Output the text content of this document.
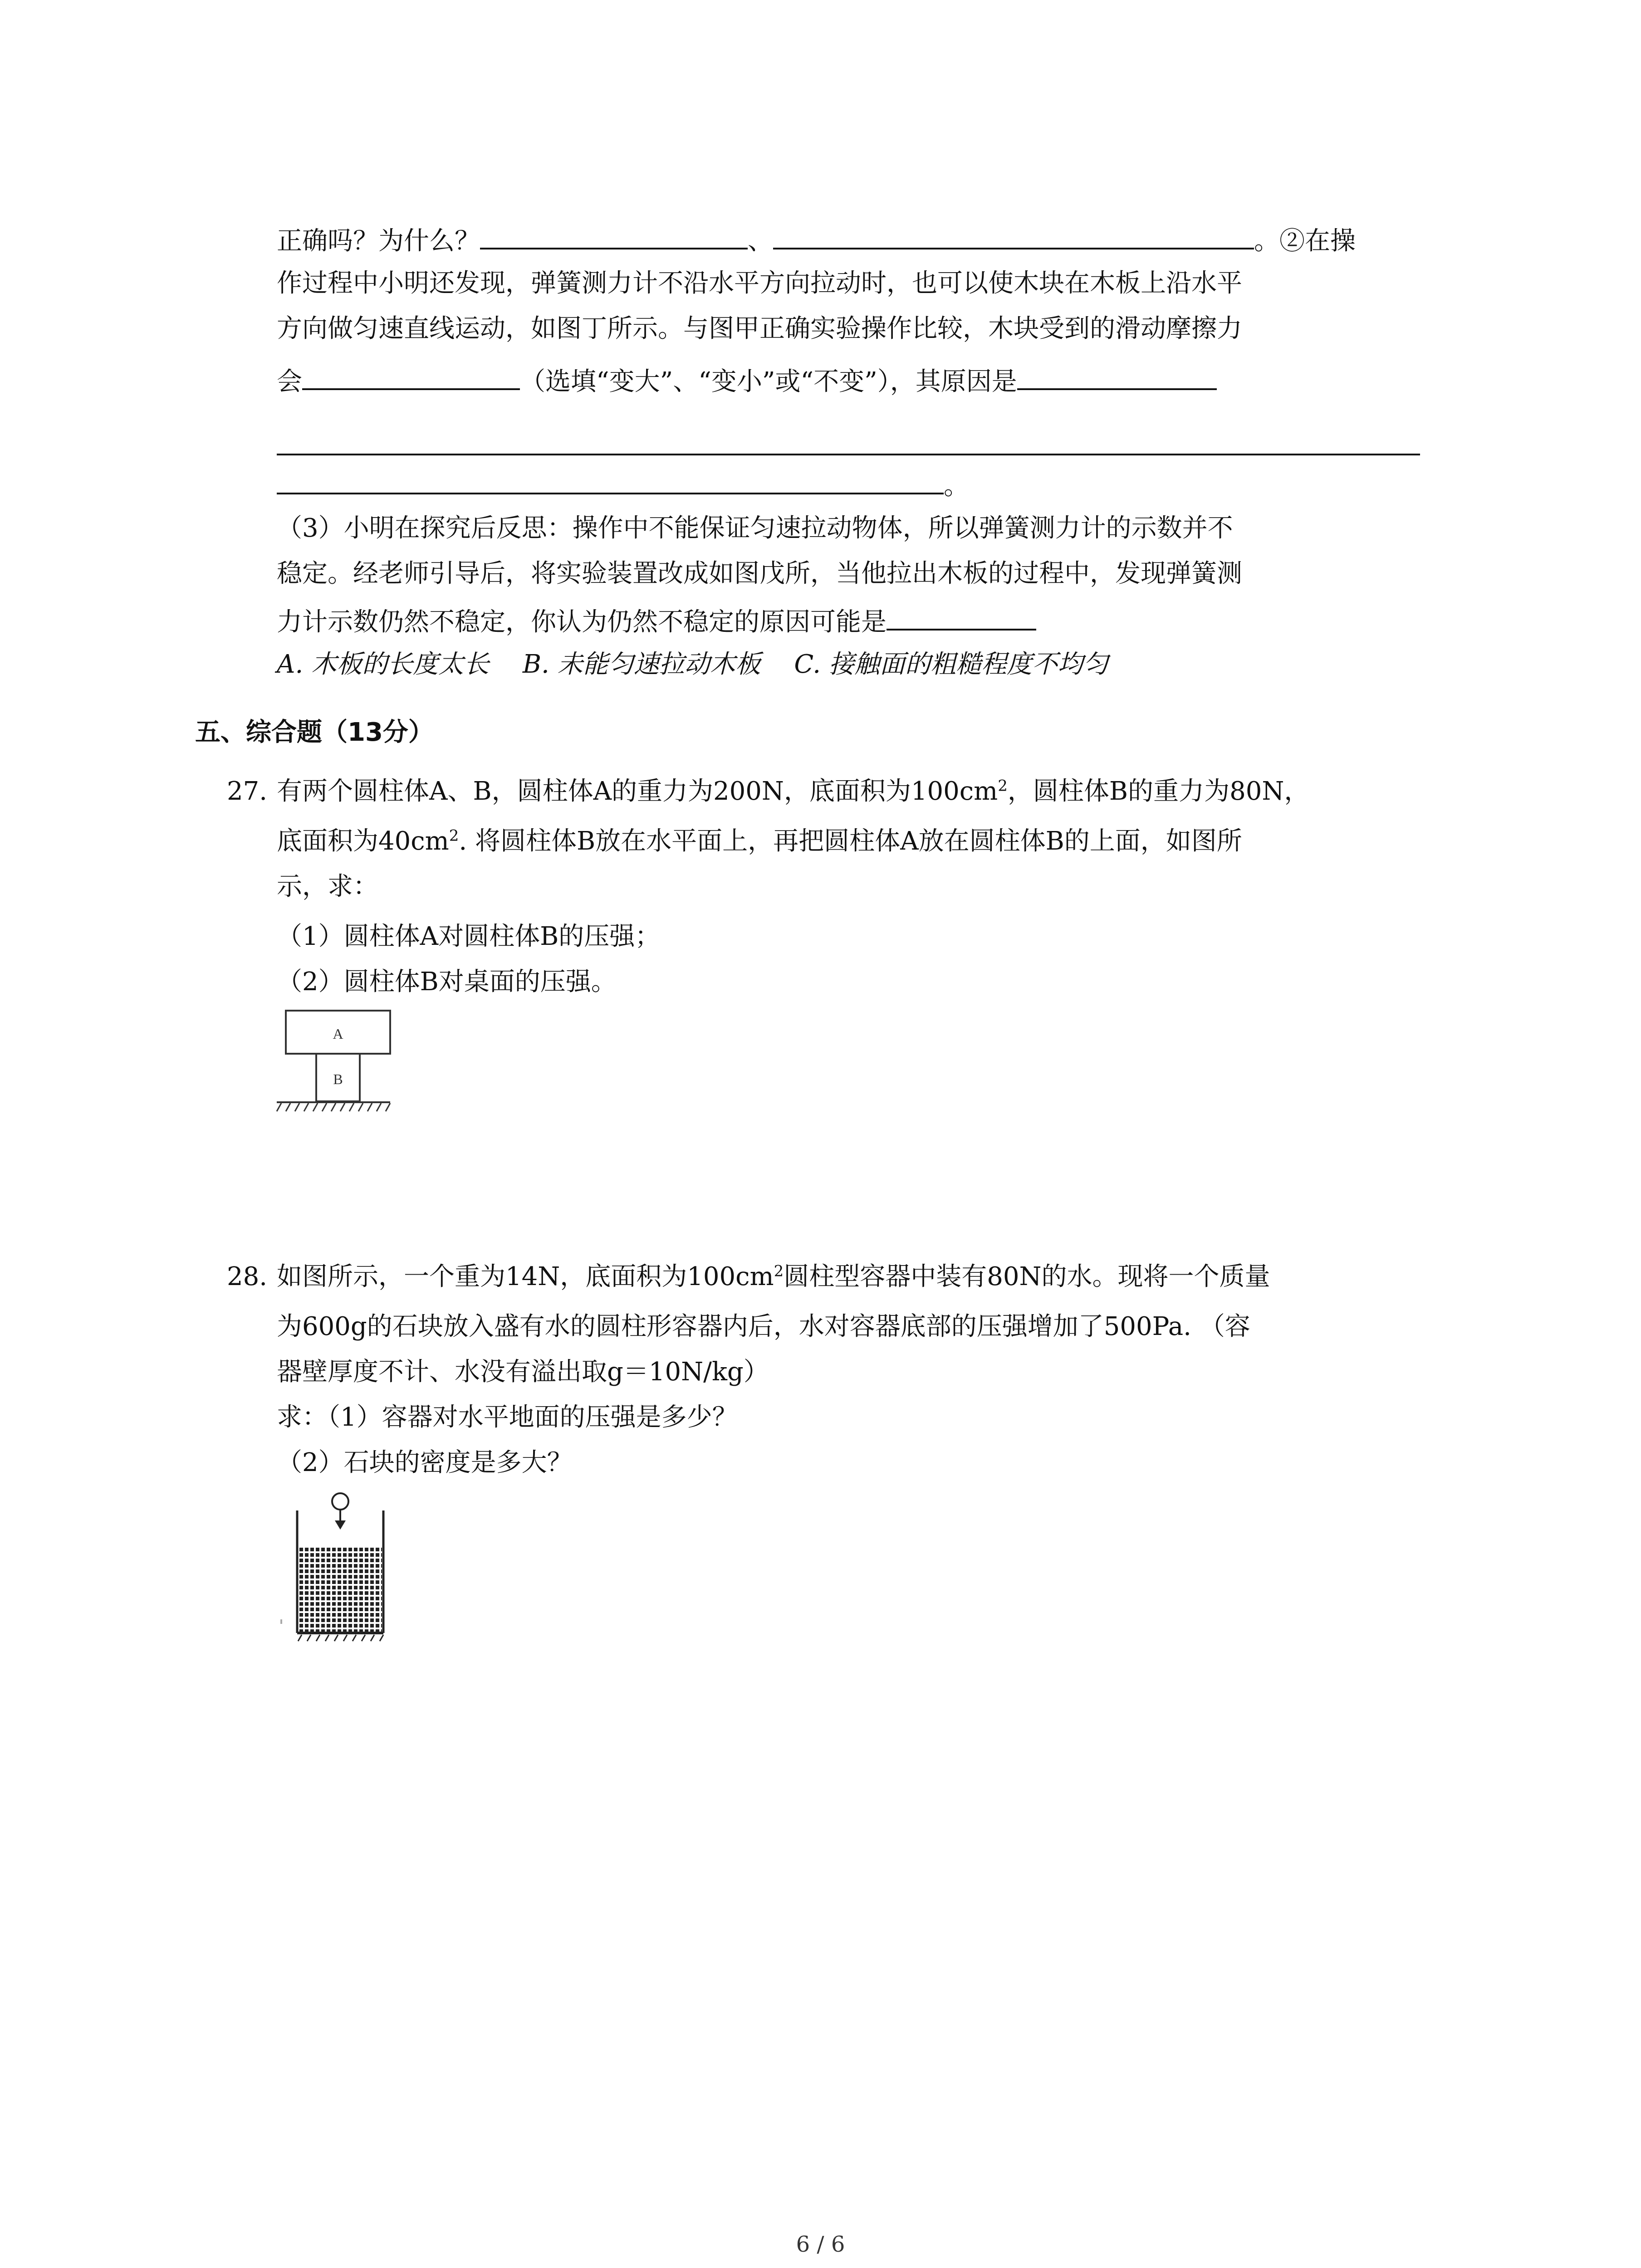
正确吗？为什么？	、	。②在操
作过程中小明还发现，弹簧测力计不沿水平方向拉动时，也可以使木块在木板上沿水平
方向做匀速直线运动，如图丁所示。与图甲正确实验操作比较，木块受到的滑动摩擦力
会	（选填“变大”、“变小”或“不变”），其原因是
。
（3）小明在探究后反思：操作中不能保证匀速拉动物体，所以弹簧测力计的示数并不
稳定。经老师引导后，将实验装置改成如图戊所，当他拉出木板的过程中，发现弹簧测
力计示数仍然不稳定，你认为仍然不稳定的原因可能是
A. 木板的长度太长　 B. 未能匀速拉动木板　 C. 接触面的粗糙程度不均匀
五、综合题（13分）
27. 有两个圆柱体A、B，圆柱体A的重力为200N，底面积为$100cm^2$，圆柱体B的重力为80N，
底面积为$40cm^2$. 将圆柱体B放在水平面上，再把圆柱体A放在圆柱体B的上面，如图所
示，求：
（1）圆柱体A对圆柱体B的压强；
（2）圆柱体B对桌面的压强。
A
B
28. 如图所示，一个重为14N，底面积为$100cm^2$圆柱型容器中装有80N的水。现将一个质量
为600g的石块放入盛有水的圆柱形容器内后，水对容器底部的压强增加了500Pa. （容
器壁厚度不计、水没有溢出取g＝10N/kg）
求：（1）容器对水平地面的压强是多少？
（2）石块的密度是多大？
6 / 6
